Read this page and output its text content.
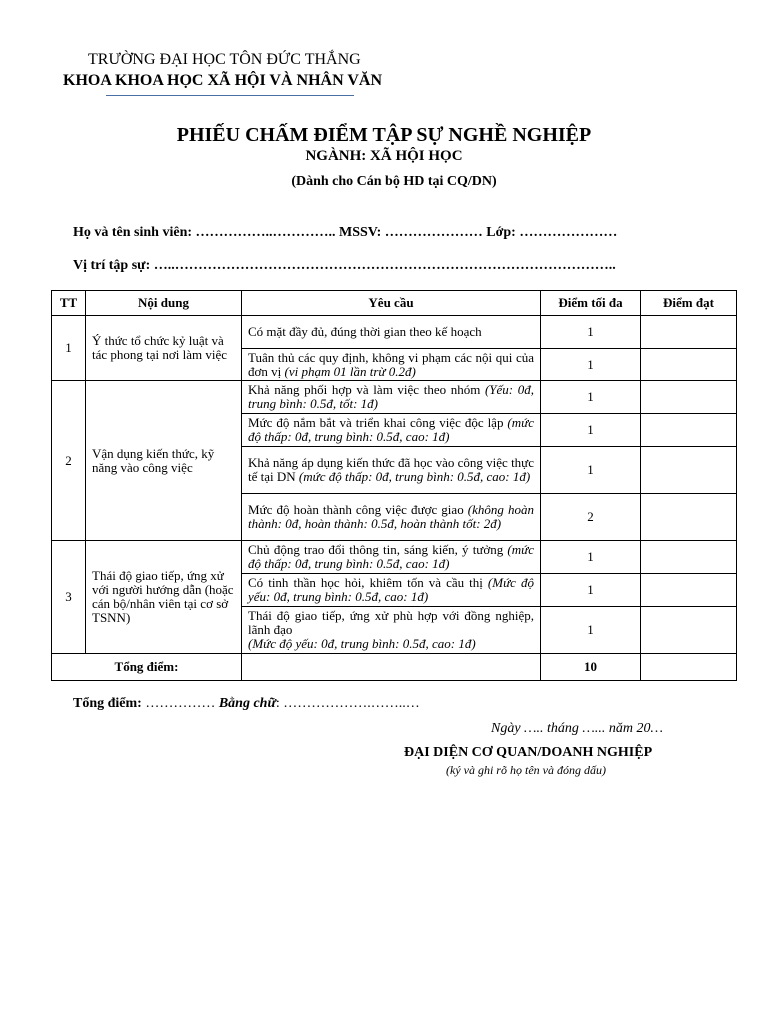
TRƯỜNG ĐẠI HỌC TÔN ĐỨC THẮNG
KHOA KHOA HỌC XÃ HỘI VÀ NHÂN VĂN
PHIẾU CHẤM ĐIỂM TẬP SỰ NGHỀ NGHIỆP
NGÀNH: XÃ HỘI HỌC
(Dành cho Cán bộ HD tại CQ/DN)
Họ và tên sinh viên: ……………..………….. MSSV: ………………… Lớp: …………………
Vị trí tập sự: …..…………………………………………………………………………………..
TT	Nội dung	Yêu cầu	Điểm tối đa	Điểm đạt
1	Ý thức tổ chức kỷ luật và tác phong tại nơi làm việc	Có mặt đầy đủ, đúng thời gian theo kế hoạch	1	
		Tuân thủ các quy định, không vi phạm các nội qui của đơn vị (vi phạm 01 lần trừ 0.2đ)	1	
2	Vận dụng kiến thức, kỹ năng vào công việc	Khả năng phối hợp và làm việc theo nhóm (Yếu: 0đ, trung bình: 0.5đ, tốt: 1đ)	1	
		Mức độ nắm bắt và triển khai công việc độc lập (mức độ thấp: 0đ, trung bình: 0.5đ, cao: 1đ)	1	
		Khả năng áp dụng kiến thức đã học vào công việc thực tế tại DN (mức độ thấp: 0đ, trung bình: 0.5đ, cao: 1đ)	1	
		Mức độ hoàn thành công việc được giao (không hoàn thành: 0đ, hoàn thành: 0.5đ, hoàn thành tốt: 2đ)	2	
3	Thái độ giao tiếp, ứng xử với người hướng dẫn (hoặc cán bộ/nhân viên tại cơ sở TSNN)	Chủ động trao đổi thông tin, sáng kiến, ý tưởng (mức độ thấp: 0đ, trung bình: 0.5đ, cao: 1đ)	1	
		Có tinh thần học hỏi, khiêm tốn và cầu thị (Mức độ yếu: 0đ, trung bình: 0.5đ, cao: 1đ)	1	
		Thái độ giao tiếp, ứng xử phù hợp với đồng nghiệp, lãnh đạo
(Mức độ yếu: 0đ, trung bình: 0.5đ, cao: 1đ)	1	
Tổng điểm:			10	
Tổng điểm: …………… Bằng chữ: ……………….……..…
Ngày ….. tháng …... năm 20…
ĐẠI DIỆN CƠ QUAN/DOANH NGHIỆP
(ký và ghi rõ họ tên và đóng dấu)
